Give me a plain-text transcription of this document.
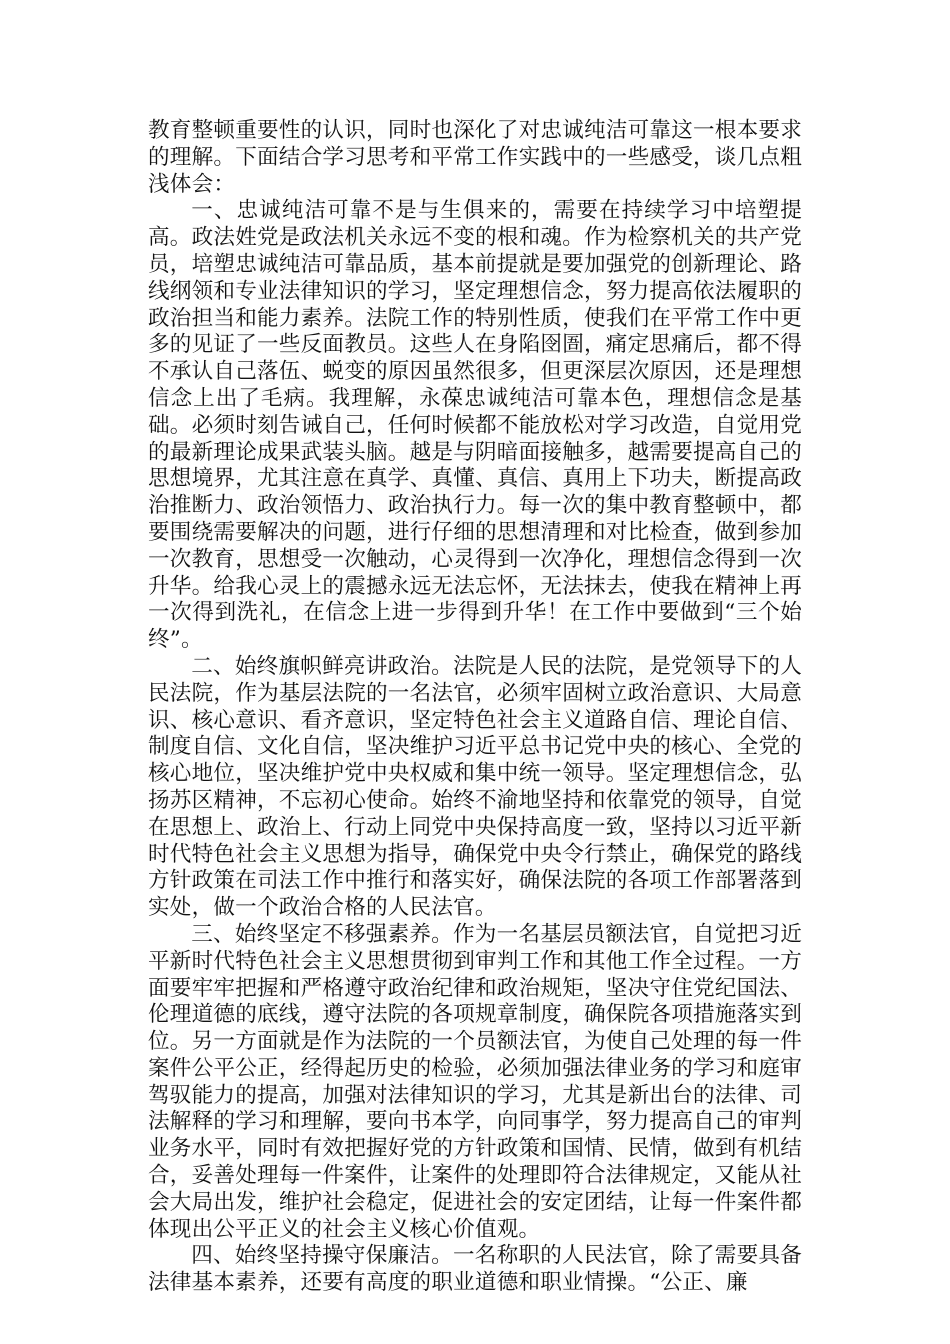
教育整顿重要性的认识，同时也深化了对忠诚纯洁可靠这一根本要求的理解。下面结合学习思考和平常工作实践中的一些感受，谈几点粗浅体会：

一、忠诚纯洁可靠不是与生俱来的，需要在持续学习中培塑提高。政法姓党是政法机关永远不变的根和魂。作为检察机关的共产党员，培塑忠诚纯洁可靠品质，基本前提就是要加强党的创新理论、路线纲领和专业法律知识的学习，坚定理想信念，努力提高依法履职的政治担当和能力素养。法院工作的特别性质，使我们在平常工作中更多的见证了一些反面教员。这些人在身陷囹圄，痛定思痛后，都不得不承认自己落伍、蜕变的原因虽然很多，但更深层次原因，还是理想信念上出了毛病。我理解，永葆忠诚纯洁可靠本色，理想信念是基础。必须时刻告诫自己，任何时候都不能放松对学习改造，自觉用党的最新理论成果武装头脑。越是与阴暗面接触多，越需要提高自己的思想境界，尤其注意在真学、真懂、真信、真用上下功夫，断提高政治推断力、政治领悟力、政治执行力。每一次的集中教育整顿中，都要围绕需要解决的问题，进行仔细的思想清理和对比检查，做到参加一次教育，思想受一次触动，心灵得到一次净化，理想信念得到一次升华。给我心灵上的震撼永远无法忘怀，无法抹去，使我在精神上再一次得到洗礼，在信念上进一步得到升华！在工作中要做到“三个始终”。

二、始终旗帜鲜亮讲政治。法院是人民的法院，是党领导下的人民法院，作为基层法院的一名法官，必须牢固树立政治意识、大局意识、核心意识、看齐意识，坚定特色社会主义道路自信、理论自信、制度自信、文化自信，坚决维护习近平总书记党中央的核心、全党的核心地位，坚决维护党中央权威和集中统一领导。坚定理想信念，弘扬苏区精神，不忘初心使命。始终不渝地坚持和依靠党的领导，自觉在思想上、政治上、行动上同党中央保持高度一致，坚持以习近平新时代特色社会主义思想为指导，确保党中央令行禁止，确保党的路线方针政策在司法工作中推行和落实好，确保法院的各项工作部署落到实处，做一个政治合格的人民法官。

三、始终坚定不移强素养。作为一名基层员额法官，自觉把习近平新时代特色社会主义思想贯彻到审判工作和其他工作全过程。一方面要牢牢把握和严格遵守政治纪律和政治规矩，坚决守住党纪国法、伦理道德的底线，遵守法院的各项规章制度，确保院各项措施落实到位。另一方面就是作为法院的一个员额法官，为使自己处理的每一件案件公平公正，经得起历史的检验，必须加强法律业务的学习和庭审驾驭能力的提高，加强对法律知识的学习，尤其是新出台的法律、司法解释的学习和理解，要向书本学，向同事学，努力提高自己的审判业务水平，同时有效把握好党的方针政策和国情、民情，做到有机结合，妥善处理每一件案件，让案件的处理即符合法律规定，又能从社会大局出发，维护社会稳定，促进社会的安定团结，让每一件案件都体现出公平正义的社会主义核心价值观。

四、始终坚持操守保廉洁。一名称职的人民法官，除了需要具备法律基本素养，还要有高度的职业道德和职业情操。“公正、廉
